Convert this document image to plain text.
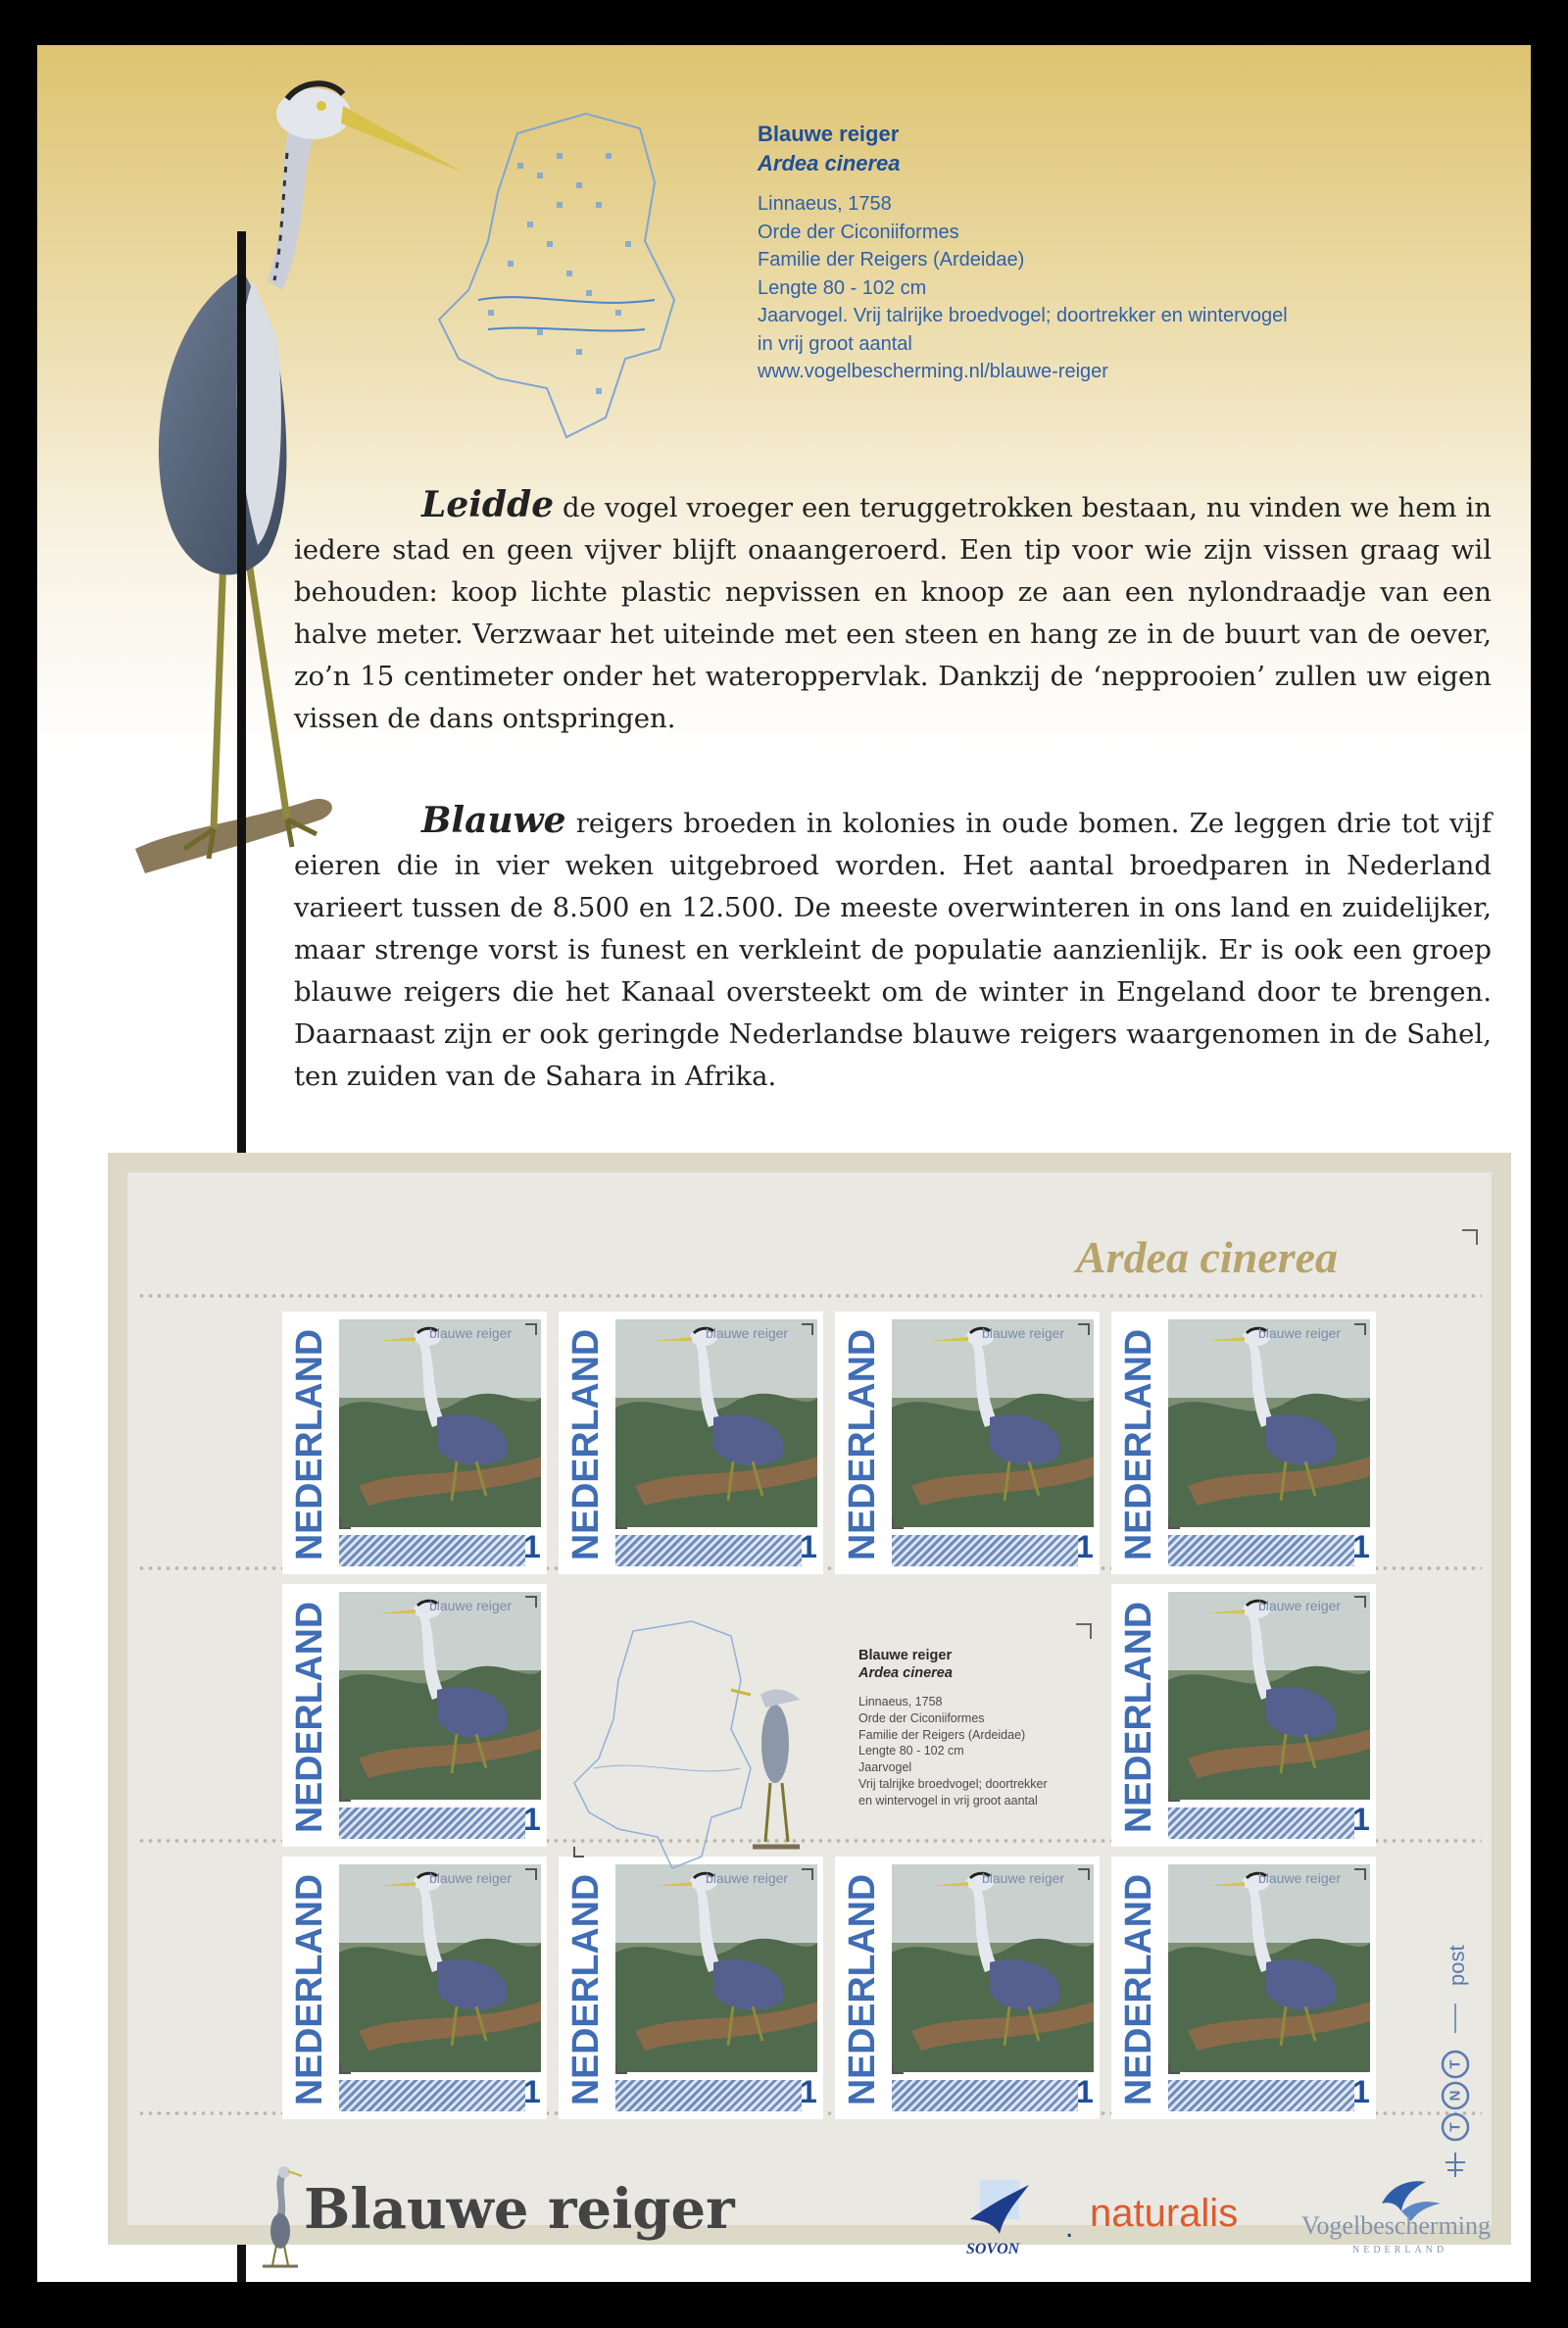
Blauwe reiger
Ardea cinerea
Linnaeus, 1758
Orde der Ciconiiformes
Familie der Reigers (Ardeidae)
Lengte 80 - 102 cm
Jaarvogel. Vrij talrijke broedvogel; doortrekker en wintervogel
in vrij groot aantal
www.vogelbescherming.nl/blauwe-reiger
Leidde de vogel vroeger een teruggetrokken bestaan, nu vinden we hem in iedere stad en geen vijver blijft onaangeroerd. Een tip voor wie zijn vissen graag wil behouden: koop lichte plastic nepvissen en knoop ze aan een nylondraadje van een halve meter. Verzwaar het uiteinde met een steen en hang ze in de buurt van de oever, zo’n 15 centimeter onder het wateroppervlak. Dankzij de ‘nepprooien’ zullen uw eigen vissen de dans ontspringen.
Blauwe reigers broeden in kolonies in oude bomen. Ze leggen drie tot vijf eieren die in vier weken uitgebroed worden. Het aantal broedparen in Nederland varieert tussen de 8.500 en 12.500. De meeste overwinteren in ons land en zuidelijker, maar strenge vorst is funest en verkleint de populatie aanzienlijk. Er is ook een groep blauwe reigers die het Kanaal oversteekt om de winter in Engeland door te brengen. Daarnaast zijn er ook geringde Nederlandse blauwe reigers waargenomen in de Sahel, ten zuiden van de Sahara in Afrika.
Ardea cinerea
NEDERLAND	blauwe reiger
1 NEDERLAND	blauwe reiger
1 NEDERLAND	blauwe reiger
1 NEDERLAND	blauwe reiger
1
NEDERLAND	blauwe reiger
1	NEDERLAND	blauwe reiger
1
NEDERLAND	blauwe reiger
1 NEDERLAND	blauwe reiger
1 NEDERLAND	blauwe reiger
1 NEDERLAND	blauwe reiger
1
Blauwe reiger
Ardea cinerea
Linnaeus, 1758
Orde der Ciconiiformes
Familie der Reigers (Ardeidae)
Lengte 80 - 102 cm
Jaarvogel
Vrij talrijke broedvogel; doortrekker
en wintervogel in vrij groot aantal
post
T
N
T
Blauwe reiger
SOVON
. naturalis Vogelbescherming
NEDERLAND
